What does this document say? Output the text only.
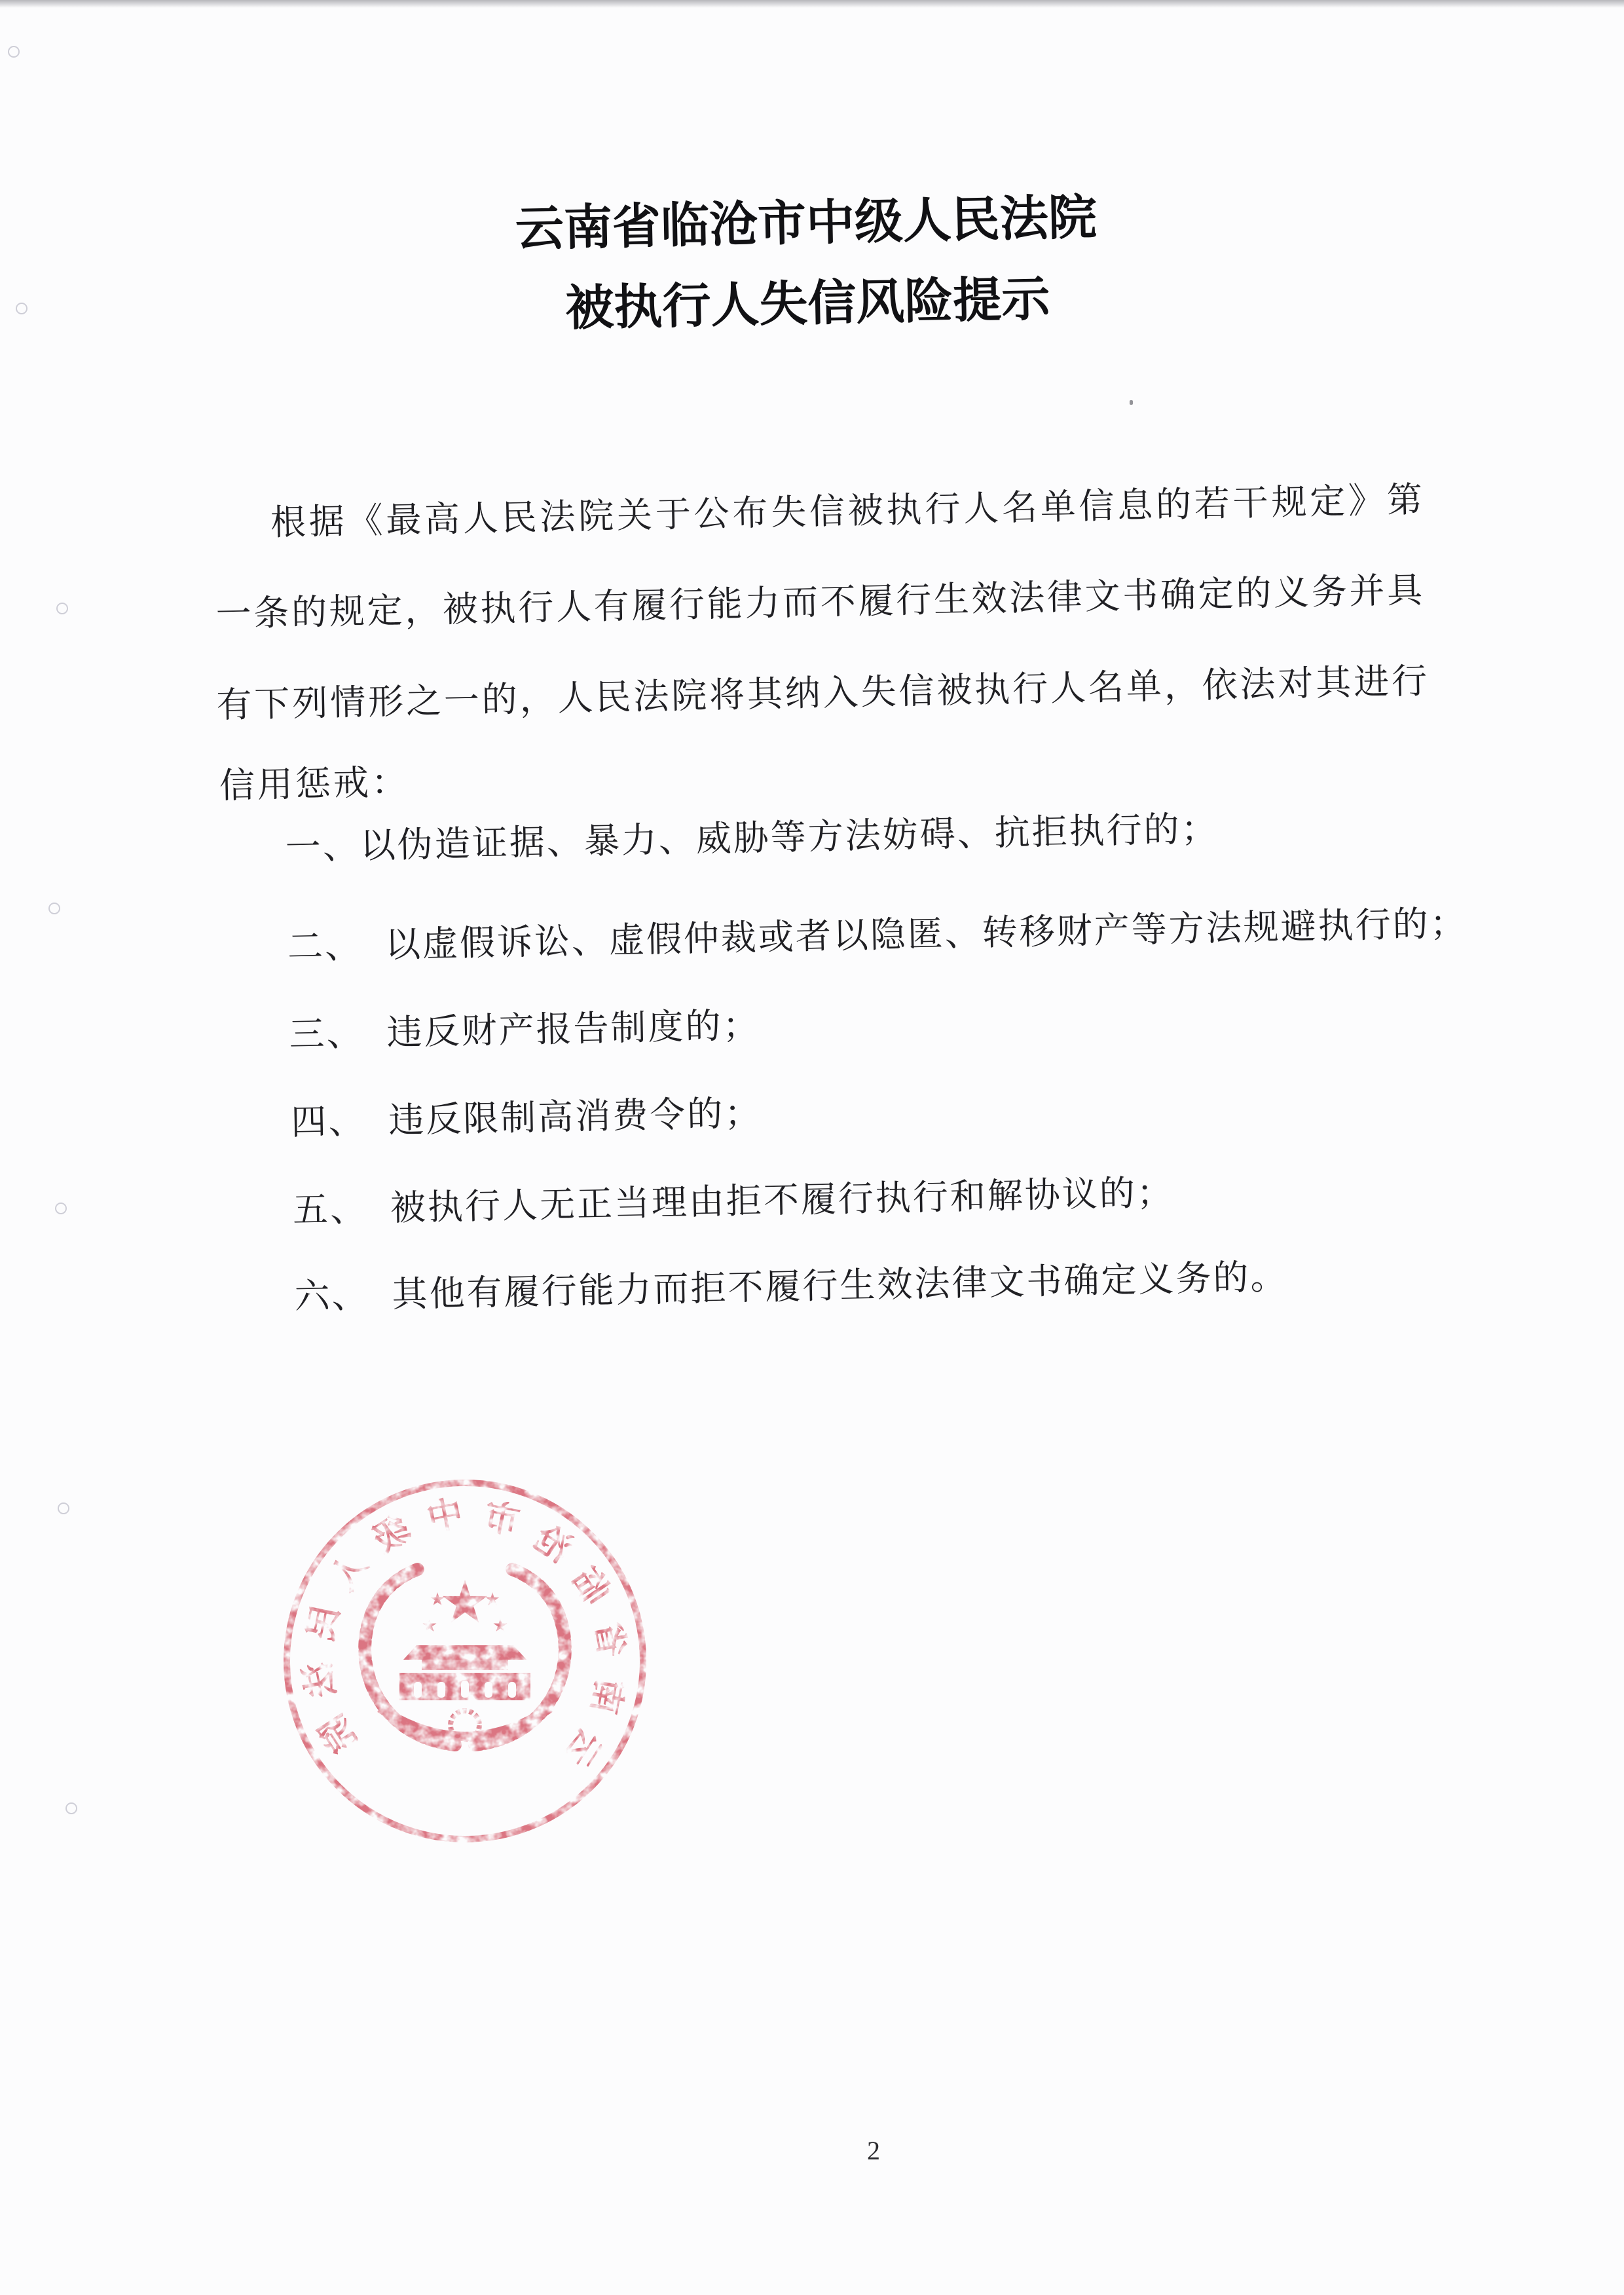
云南省临沧市中级人民法院
被执行人失信风险提示
根据《最高人民法院关于公布失信被执行人名单信息的若干规定》第
一条的规定，被执行人有履行能力而不履行生效法律文书确定的义务并具
有下列情形之一的，人民法院将其纳入失信被执行人名单，依法对其进行
信用惩戒：
一、以伪造证据、暴力、威胁等方法妨碍、抗拒执行的；
二、 以虚假诉讼、虚假仲裁或者以隐匿、转移财产等方法规避执行的；
三、 违反财产报告制度的；
四、 违反限制高消费令的；
五、 被执行人无正当理由拒不履行执行和解协议的；
六、 其他有履行能力而拒不履行生效法律文书确定义务的。
云南省临沧市中级人民法院
2
